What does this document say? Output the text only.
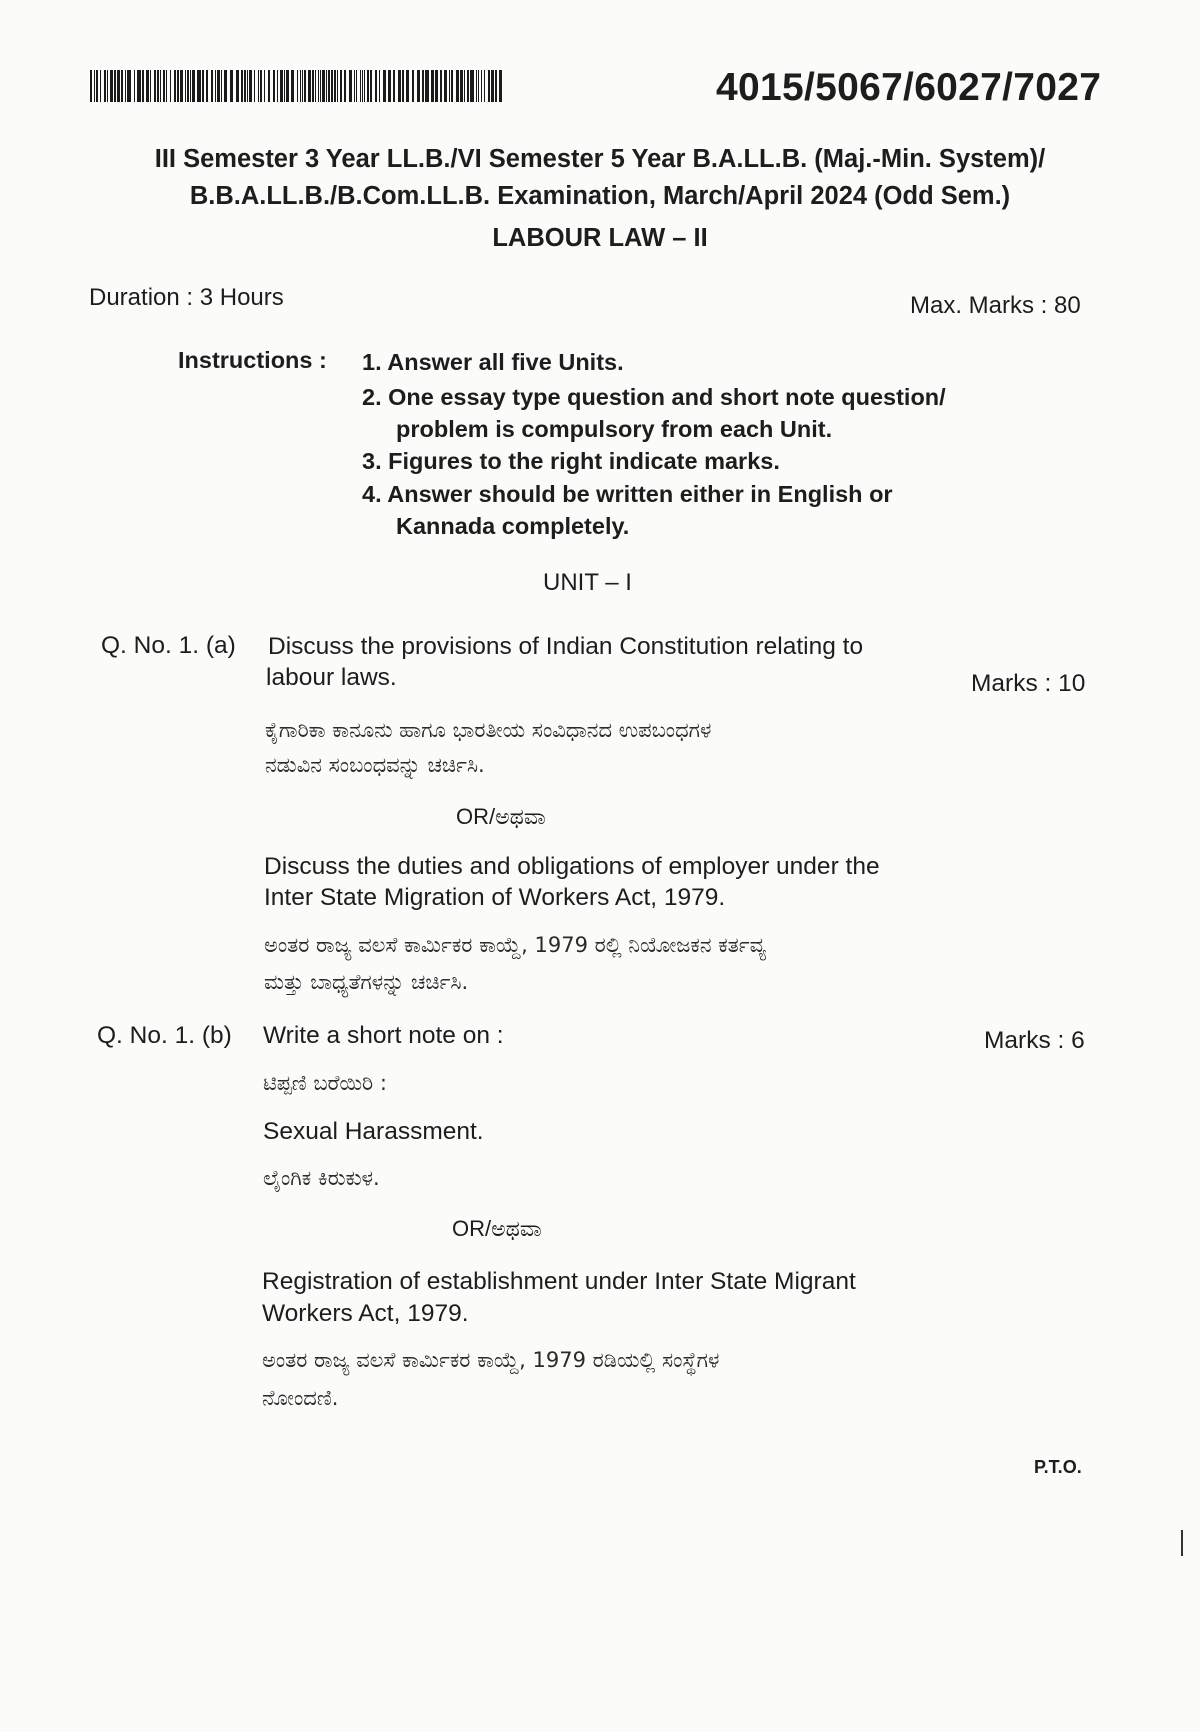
4015/5067/6027/7027
III Semester 3 Year LL.B./VI Semester 5 Year B.A.LL.B. (Maj.-Min. System)/
B.B.A.LL.B./B.Com.LL.B. Examination, March/April 2024 (Odd Sem.)
LABOUR LAW – II
Duration : 3 Hours	Max. Marks : 80
Instructions : 1. Answer all five Units.
2. One essay type question and short note question/
problem is compulsory from each Unit.
3. Figures to the right indicate marks.
4. Answer should be written either in English or
Kannada completely.
UNIT – I
Q. No. 1. (a) Discuss the provisions of Indian Constitution relating to
labour laws.	Marks : 10
ಕೈಗಾರಿಕಾ ಕಾನೂನು ಹಾಗೂ ಭಾರತೀಯ ಸಂವಿಧಾನದ ಉಪಬಂಧಗಳ
ನಡುವಿನ ಸಂಬಂಧವನ್ನು ಚರ್ಚಿಸಿ.
OR/ಅಥವಾ
Discuss the duties and obligations of employer under the
Inter State Migration of Workers Act, 1979.
ಅಂತರ ರಾಜ್ಯ ವಲಸೆ ಕಾರ್ಮಿಕರ ಕಾಯ್ದೆ, 1979 ರಲ್ಲಿ ನಿಯೋಜಕನ ಕರ್ತವ್ಯ
ಮತ್ತು ಬಾಧ್ಯತೆಗಳನ್ನು ಚರ್ಚಿಸಿ.
Q. No. 1. (b) Write a short note on :	Marks : 6
ಟಿಪ್ಪಣಿ ಬರೆಯಿರಿ :
Sexual Harassment.
ಲೈಂಗಿಕ ಕಿರುಕುಳ.
OR/ಅಥವಾ
Registration of establishment under Inter State Migrant
Workers Act, 1979.
ಅಂತರ ರಾಜ್ಯ ವಲಸೆ ಕಾರ್ಮಿಕರ ಕಾಯ್ದೆ, 1979 ರಡಿಯಲ್ಲಿ ಸಂಸ್ಥೆಗಳ
ನೋಂದಣಿ.
P.T.O.
